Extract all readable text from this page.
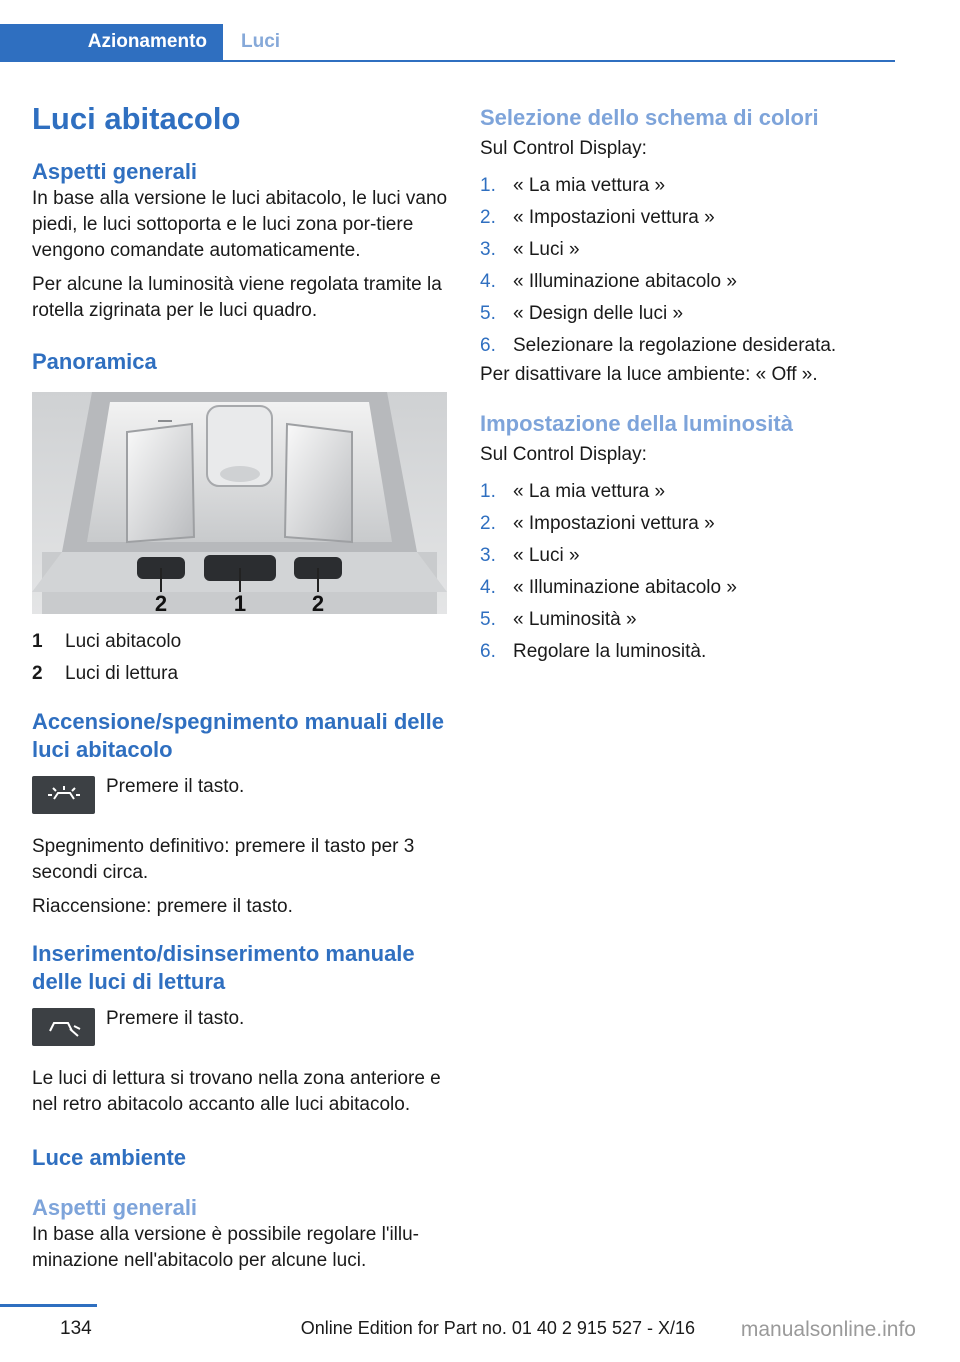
Azionamento Luci
Luci abitacolo
Aspetti generali

In base alla versione le luci abitacolo, le luci vano piedi, le luci sottoporta e le luci zona por‐tiere vengono comandate automaticamente.

Per alcune la luminosità viene regolata tramite la rotella zigrinata per le luci quadro.

Panoramica
2	1	2
1	Luci abitacolo
2	Luci di lettura
Accensione/spegnimento manuali delle luci abitacolo
Premere il tasto.

Spegnimento definitivo: premere il tasto per 3 secondi circa.

Riaccensione: premere il tasto.

Inserimento/disinserimento manuale delle luci di lettura
Premere il tasto.

Le luci di lettura si trovano nella zona anteriore e nel retro abitacolo accanto alle luci abitacolo.

Luce ambiente
Aspetti generali

In base alla versione è possibile regolare l'illu‐minazione nell'abitacolo per alcune luci.

Selezione dello schema di colori

Sul Control Display:

1. « La mia vettura »
2. « Impostazioni vettura »
3. « Luci »
4. « Illuminazione abitacolo »
5. « Design delle luci »
6. Selezionare la regolazione desiderata.

Per disattivare la luce ambiente: « Off ».

Impostazione della luminosità

Sul Control Display:

1. « La mia vettura »
2. « Impostazioni vettura »
3. « Luci »
4. « Illuminazione abitacolo »
5. « Luminosità »
6. Regolare la luminosità.
134	Online Edition for Part no. 01 40 2 915 527 - X/16 manualsonline.info
